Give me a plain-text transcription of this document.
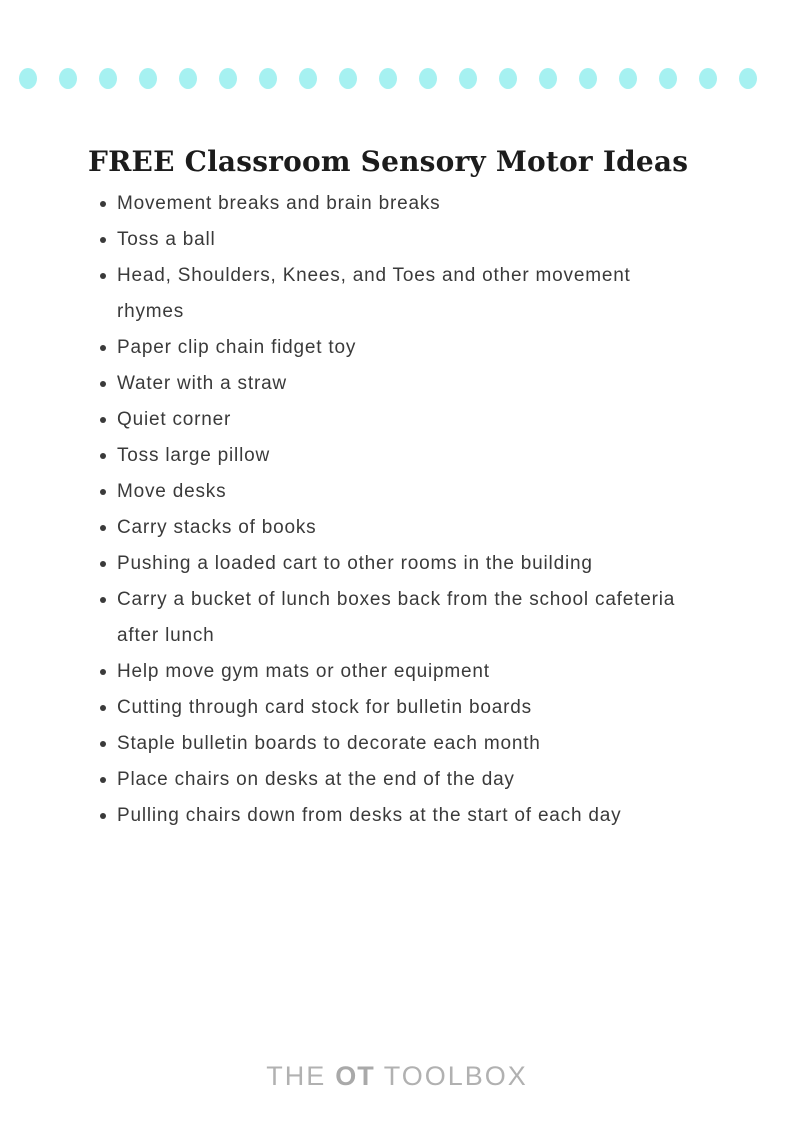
FREE Classroom Sensory Motor Ideas
Movement breaks and brain breaks
Toss a ball
Head, Shoulders, Knees, and Toes and other movement rhymes
Paper clip chain fidget toy
Water with a straw
Quiet corner
Toss large pillow
Move desks
Carry stacks of books
Pushing a loaded cart to other rooms in the building
Carry a bucket of lunch boxes back from the school cafeteria after lunch
Help move gym mats or other equipment
Cutting through card stock for bulletin boards
Staple bulletin boards to decorate each month
Place chairs on desks at the end of the day
Pulling chairs down from desks at the start of each day
THE OT TOOLBOX
